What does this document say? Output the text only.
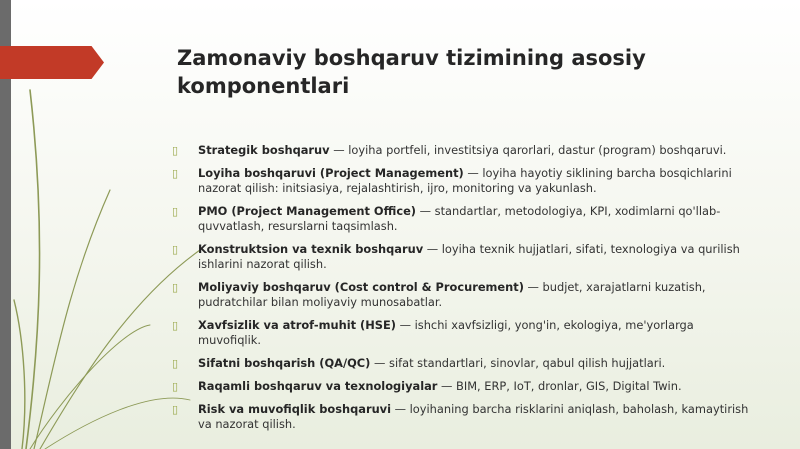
Zamonaviy boshqaruv tizimining asosiy komponentlari
▯ Strategik boshqaruv — loyiha portfeli, investitsiya qarorlari, dastur (program) boshqaruvi.
▯ Loyiha boshqaruvi (Project Management) — loyiha hayotiy siklining barcha bosqichlarini nazorat qilish: initsiasiya, rejalashtirish, ijro, monitoring va yakunlash.
▯ PMO (Project Management Office) — standartlar, metodologiya, KPI, xodimlarni qo'llab-quvvatlash, resurslarni taqsimlash.
▯ Konstruktsion va texnik boshqaruv — loyiha texnik hujjatlari, sifati, texnologiya va qurilish ishlarini nazorat qilish.
▯ Moliyaviy boshqaruv (Cost control & Procurement) — budjet, xarajatlarni kuzatish, pudratchilar bilan moliyaviy munosabatlar.
▯ Xavfsizlik va atrof-muhit (HSE) — ishchi xavfsizligi, yong'in, ekologiya, me'yorlarga muvofiqlik.
▯ Sifatni boshqarish (QA/QC) — sifat standartlari, sinovlar, qabul qilish hujjatlari.
▯ Raqamli boshqaruv va texnologiyalar — BIM, ERP, IoT, dronlar, GIS, Digital Twin.
▯ Risk va muvofiqlik boshqaruvi — loyihaning barcha risklarini aniqlash, baholash, kamaytirish va nazorat qilish.
